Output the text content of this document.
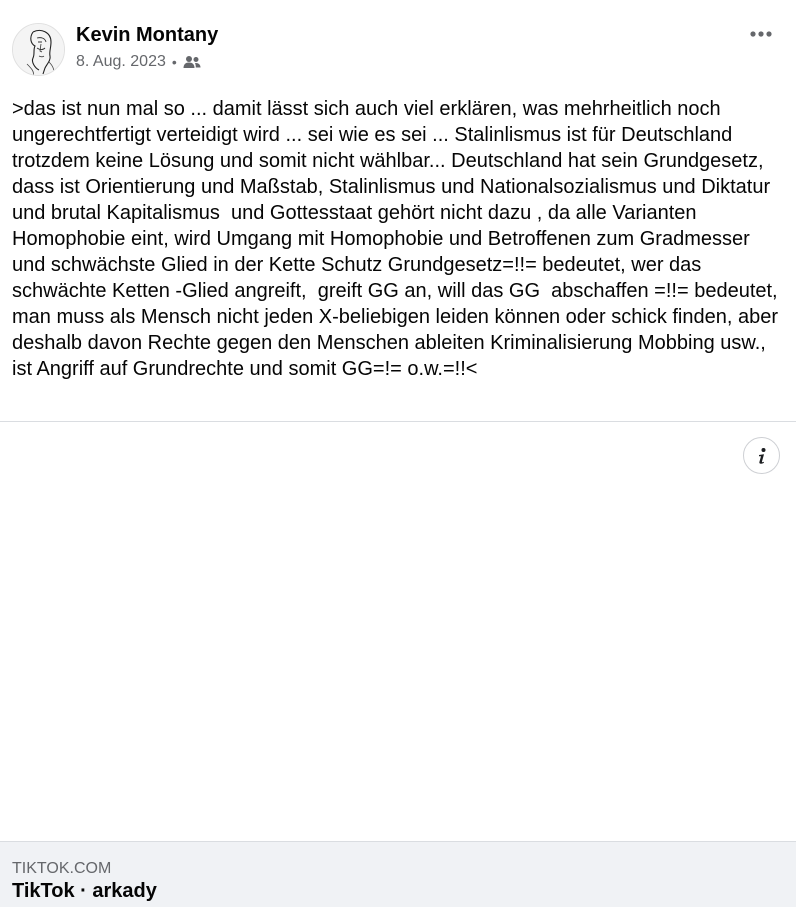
Kevin Montany
8. Aug. 2023 •
>das ist nun mal so ... damit lässt sich auch viel erklären, was mehrheitlich noch ungerechtfertigt verteidigt wird ... sei wie es sei ... Stalinlismus ist für Deutschland trotzdem keine Lösung und somit nicht wählbar... Deutschland hat sein Grundgesetz, dass ist Orientierung und Maßstab, Stalinlismus und Nationalsozialismus und Diktatur und brutal Kapitalismus  und Gottesstaat gehört nicht dazu , da alle Varianten Homophobie eint, wird Umgang mit Homophobie und Betroffenen zum Gradmesser und schwächste Glied in der Kette Schutz Grundgesetz=!!= bedeutet, wer das schwächte Ketten -Glied angreift,  greift GG an, will das GG  abschaffen =!!= bedeutet, man muss als Mensch nicht jeden X-beliebigen leiden können oder schick finden, aber deshalb davon Rechte gegen den Menschen ableiten Kriminalisierung Mobbing usw., ist Angriff auf Grundrechte und somit GG=!= o.w.=!!<
TIKTOK.COM
TikTok · arkady
